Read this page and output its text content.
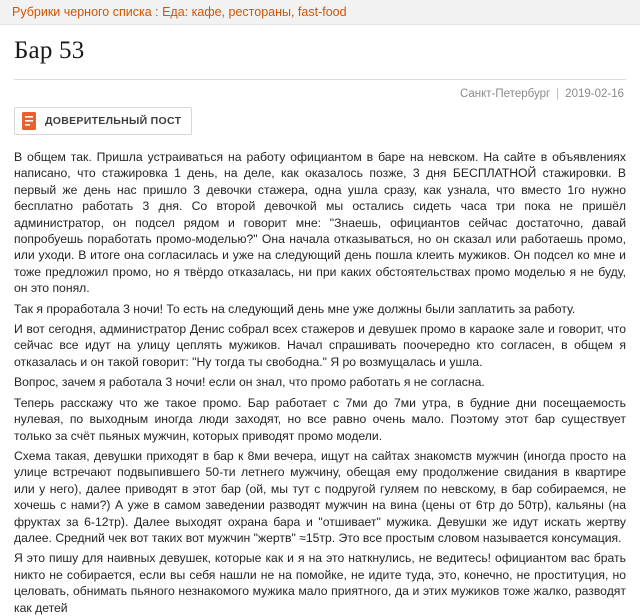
Рубрики черного списка : Еда: кафе, рестораны, fast-food
Бар 53
Санкт-Петербург | 2019-02-16
ДОВЕРИТЕЛЬНЫЙ ПОСТ

В общем так. Пришла устраиваться на работу официантом в баре на невском. На сайте в объявлениях написано, что стажировка 1 день, на деле, как оказалось позже, 3 дня БЕСПЛАТНОЙ стажировки. В первый же день нас пришло 3 девочки стажера, одна ушла сразу, как узнала, что вместо 1го нужно бесплатно работать 3 дня. Со второй девочкой мы остались сидеть часа три пока не пришёл администратор, он подсел рядом и говорит мне: "Знаешь, официантов сейчас достаточно, давай попробуешь поработать промо-моделью?" Она начала отказываться, но он сказал или работаешь промо, или уходи. В итоге она согласилась и уже на следующий день пошла клеить мужиков. Он подсел ко мне и тоже предложил промо, но я твёрдо отказалась, ни при каких обстоятельствах промо моделью я не буду, он это понял.

Так я проработала 3 ночи! То есть на следующий день мне уже должны были заплатить за работу.

И вот сегодня, администратор Денис собрал всех стажеров и девушек промо в караоке зале и говорит, что сейчас все идут на улицу цеплять мужиков. Начал спрашивать поочередно кто согласен, в общем я отказалась и он такой говорит: "Ну тогда ты свободна." Я ро возмущалась и ушла.

Вопрос, зачем я работала 3 ночи! если он знал, что промо работать я не согласна.

Теперь расскажу что же такое промо. Бар работает с 7ми до 7ми утра, в будние дни посещаемость нулевая, по выходным иногда люди заходят, но все равно очень мало. Поэтому этот бар существует только за счёт пьяных мужчин, которых приводят промо модели.

Схема такая, девушки приходят в бар к 8ми вечера, ищут на сайтах знакомств мужчин (иногда просто на улице встречают подвыпившего 50-ти летнего мужчину, обещая ему продолжение свидания в квартире или у него), далее приводят в этот бар (ой, мы тут с подругой гуляем по невскому, в бар собираемся, не хочешь с нами?) А уже в самом заведении разводят мужчин на вина (цены от 6тр до 50тр), кальяны (на фруктах за 6-12тр). Далее выходят охрана бара и "отшивает" мужика. Девушки же идут искать жертву далее. Средний чек вот таких вот мужчин "жертв" ≈15тр. Это все простым словом называется консумация.

Я это пишу для наивных девушек, которые как и я на это наткнулись, не ведитесь! официантом вас брать никто не собирается, если вы себя нашли не на помойке, не идите туда, это, конечно, не проституция, но целовать, обнимать пьяного незнакомого мужика мало приятного, да и этих мужиков тоже жалко, разводят как детей
